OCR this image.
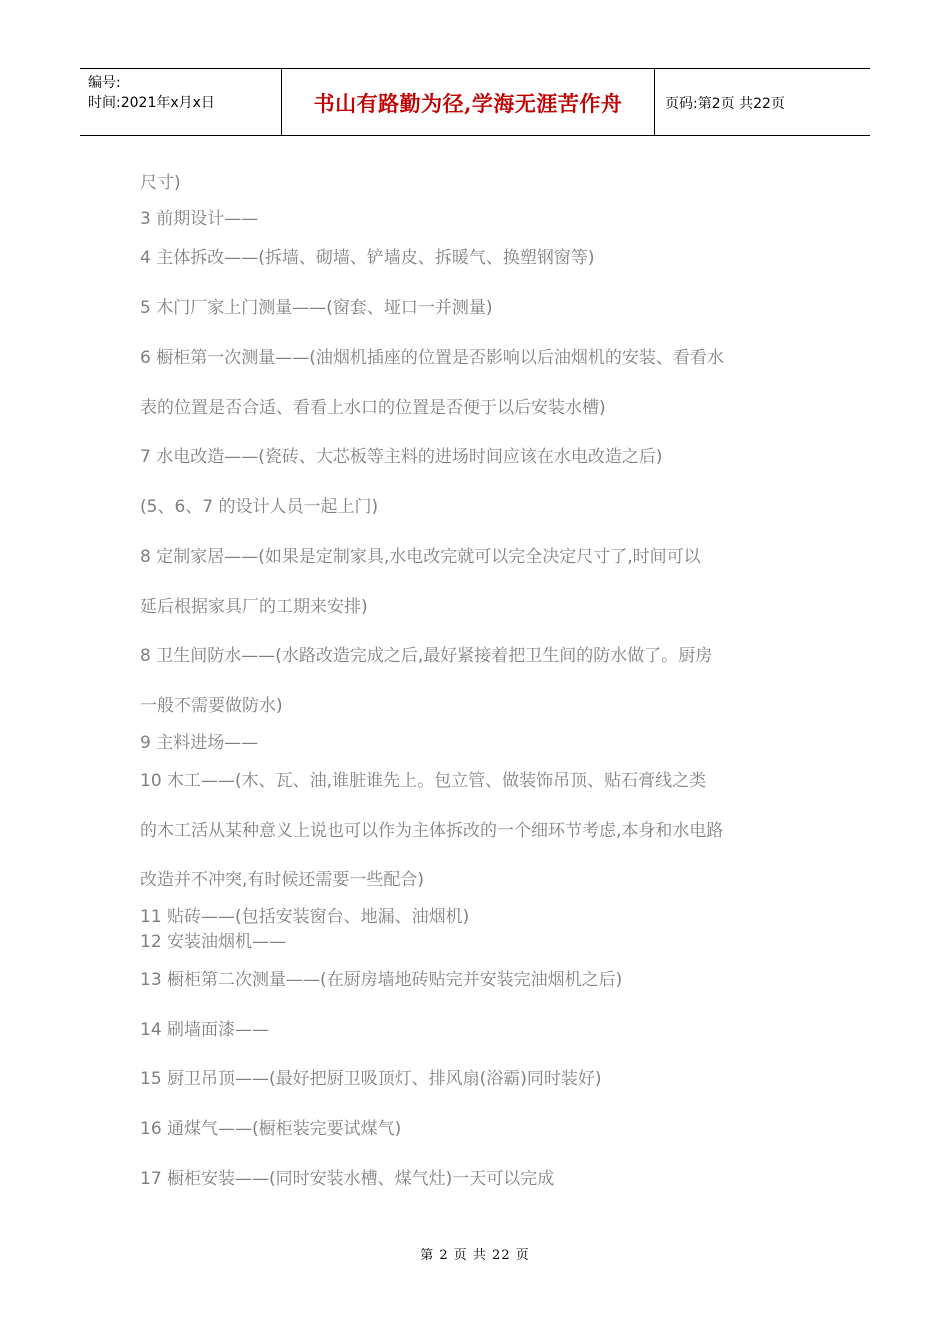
编号:
时间:2021年x月x日	书山有路勤为径,学海无涯苦作舟	页码:第2页 共22页
尺寸)
3 前期设计——
4 主体拆改——(拆墙、砌墙、铲墙皮、拆暖气、换塑钢窗等)
5 木门厂家上门测量——(窗套、垭口一并测量)
6 橱柜第一次测量——(油烟机插座的位置是否影响以后油烟机的安装、看看水
表的位置是否合适、看看上水口的位置是否便于以后安装水槽)
7 水电改造——(瓷砖、大芯板等主料的进场时间应该在水电改造之后)
(5、6、7 的设计人员一起上门)
8 定制家居——(如果是定制家具,水电改完就可以完全决定尺寸了,时间可以
延后根据家具厂的工期来安排)
8 卫生间防水——(水路改造完成之后,最好紧接着把卫生间的防水做了。厨房
一般不需要做防水)
9 主料进场——
10 木工——(木、瓦、油,谁脏谁先上。包立管、做装饰吊顶、贴石膏线之类
的木工活从某种意义上说也可以作为主体拆改的一个细环节考虑,本身和水电路
改造并不冲突,有时候还需要一些配合)
11 贴砖——(包括安装窗台、地漏、油烟机)
12 安装油烟机——
13 橱柜第二次测量——(在厨房墙地砖贴完并安装完油烟机之后)
14 刷墙面漆——
15 厨卫吊顶——(最好把厨卫吸顶灯、排风扇(浴霸)同时装好)
16 通煤气——(橱柜装完要试煤气)
17 橱柜安装——(同时安装水槽、煤气灶)一天可以完成
第 2 页 共 22 页
